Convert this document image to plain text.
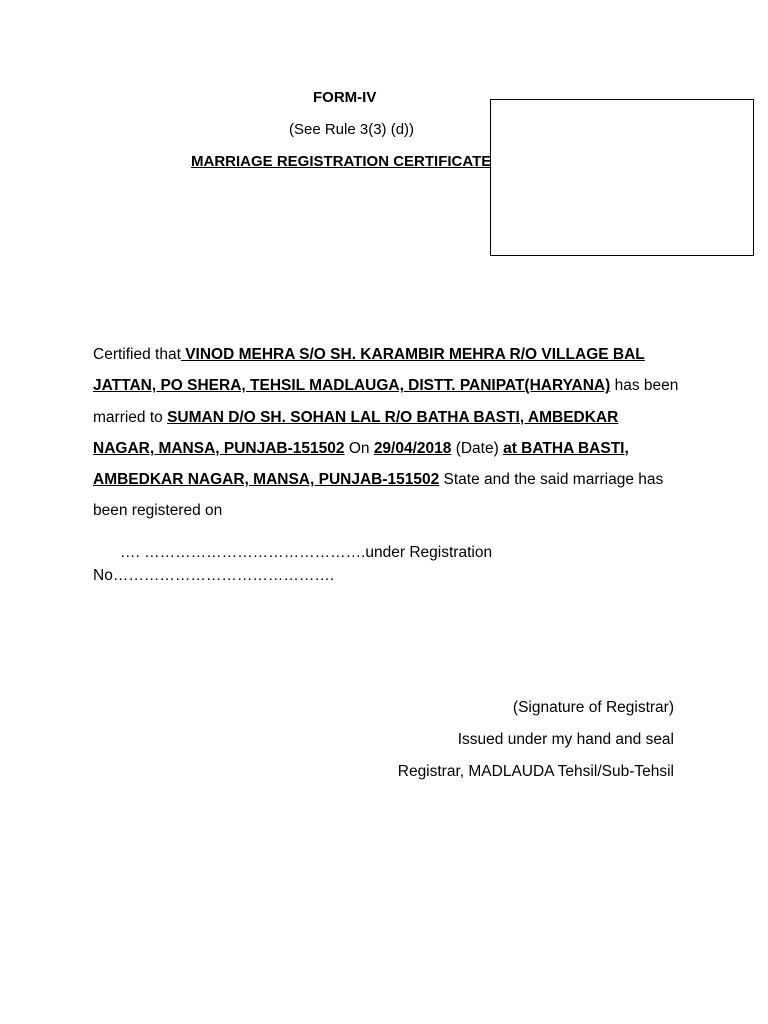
FORM-IV
(See Rule 3(3) (d))
MARRIAGE REGISTRATION CERTIFICATE
Certified that VINOD MEHRA S/O SH. KARAMBIR MEHRA R/O VILLAGE BAL JATTAN, PO SHERA, TEHSIL MADLAUGA, DISTT. PANIPAT(HARYANA) has been married to SUMAN D/O SH. SOHAN LAL R/O BATHA BASTI, AMBEDKAR NAGAR, MANSA, PUNJAB-151502 On 29/04/2018 (Date) at BATHA BASTI, AMBEDKAR NAGAR, MANSA, PUNJAB-151502 State and the said marriage has been registered on
…. …………………………………….under Registration
No…………………………………….
(Signature of Registrar)
Issued under my hand and seal
Registrar, MADLAUDA Tehsil/Sub-Tehsil
